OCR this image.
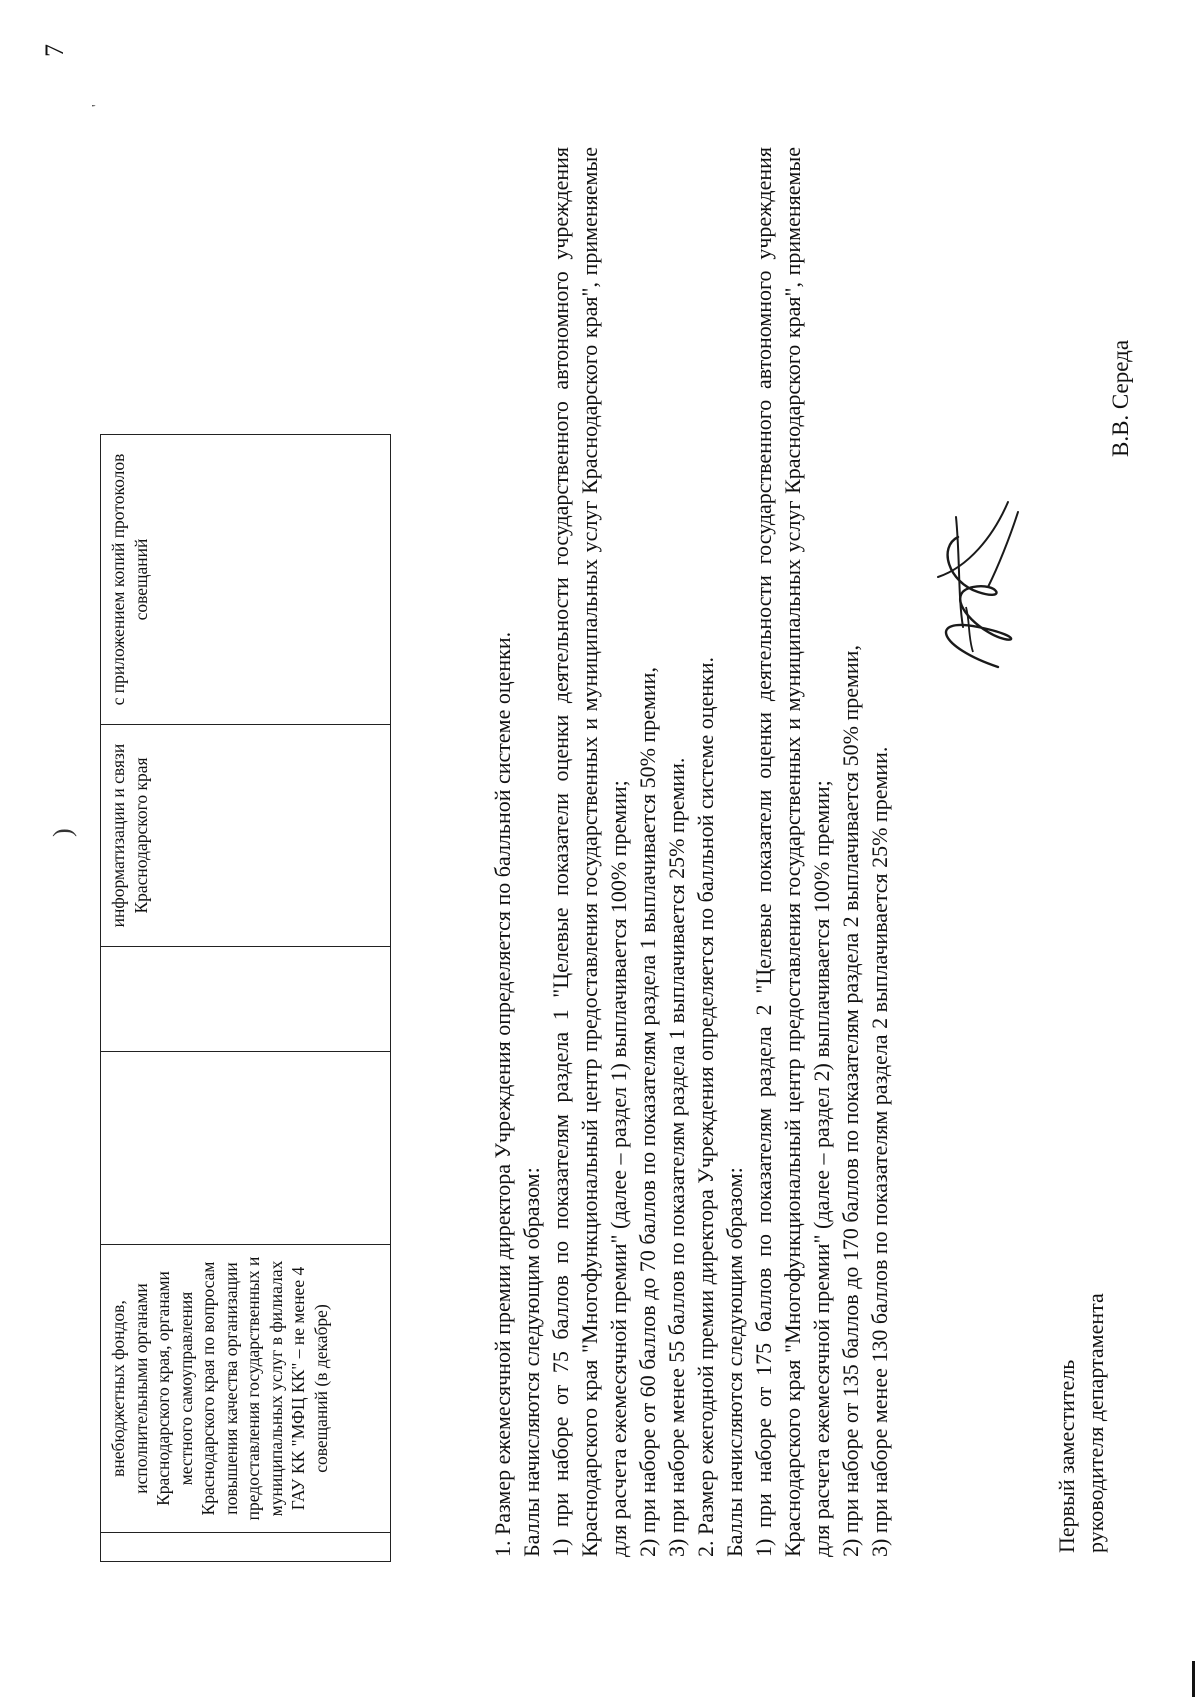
7
)
'
	внебюджетных фондов, исполнительными органами Краснодарского края, органами местного самоуправления Краснодарского края по вопросам повышения качества организации предоставления государственных и муниципальных услуг в филиалах ГАУ КК "МФЦ КК" – не менее 4 совещаний (в декабре)			информатизации и связи Краснодарского края	с приложением копий протоколов совещаний

1. Размер ежемесячной премии директора Учреждения определяется по балльной системе оценки. Баллы начисляются следующим образом: 1) при наборе от 75 баллов по показателям раздела 1 "Целевые показатели оценки деятельности государственного автономного учреждения Краснодарского края "Многофункциональный центр предоставления государственных и муниципальных услуг Краснодарского края", применяемые для расчета ежемесячной премии" (далее – раздел 1) выплачивается 100% премии; 2) при наборе от 60 баллов до 70 баллов по показателям раздела 1 выплачивается 50% премии, 3) при наборе менее 55 баллов по показателям раздела 1 выплачивается 25% премии. 2. Размер ежегодной премии директора Учреждения определяется по балльной системе оценки. Баллы начисляются следующим образом: 1) при наборе от 175 баллов по показателям раздела 2 "Целевые показатели оценки деятельности государственного автономного учреждения Краснодарского края "Многофункциональный центр предоставления государственных и муниципальных услуг Краснодарского края", применяемые для расчета ежемесячной премии" (далее – раздел 2) выплачивается 100% премии; 2) при наборе от 135 баллов до 170 баллов по показателям раздела 2 выплачивается 50% премии, 3) при наборе менее 130 баллов по показателям раздела 2 выплачивается 25% премии.	Первый заместитель руководителя департамента
В.В. Середа
